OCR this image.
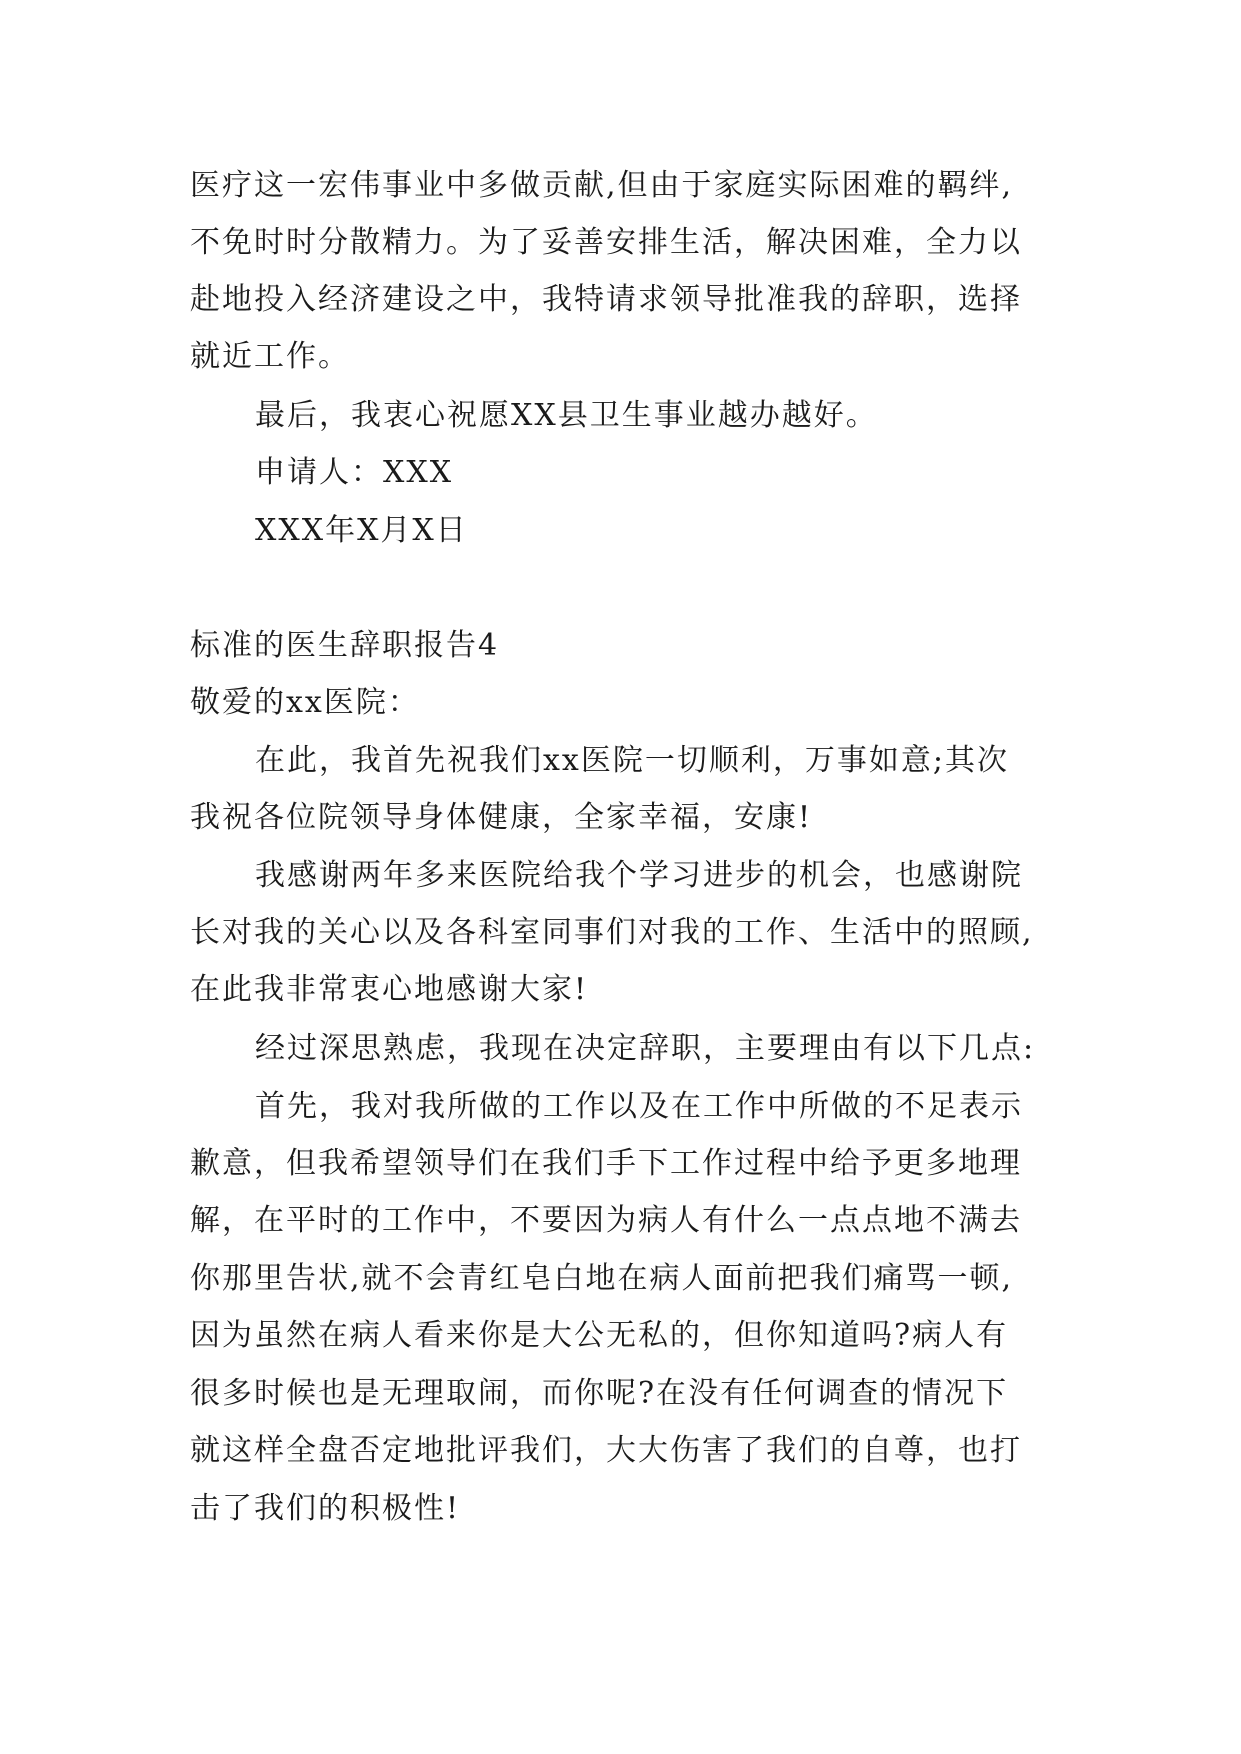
医疗这一宏伟事业中多做贡献,但由于家庭实际困难的羁绊,
不免时时分散精力。为了妥善安排生活，解决困难，全力以
赴地投入经济建设之中，我特请求领导批准我的辞职，选择
就近工作。
最后，我衷心祝愿XX县卫生事业越办越好。
申请人：XXX
XXX年X月X日
标准的医生辞职报告4
敬爱的xx医院：
在此，我首先祝我们xx医院一切顺利，万事如意;其次
我祝各位院领导身体健康，全家幸福，安康!
我感谢两年多来医院给我个学习进步的机会，也感谢院
长对我的关心以及各科室同事们对我的工作、生活中的照顾,
在此我非常衷心地感谢大家!
经过深思熟虑，我现在决定辞职，主要理由有以下几点:
首先，我对我所做的工作以及在工作中所做的不足表示
歉意，但我希望领导们在我们手下工作过程中给予更多地理
解，在平时的工作中，不要因为病人有什么一点点地不满去
你那里告状,就不会青红皂白地在病人面前把我们痛骂一顿,
因为虽然在病人看来你是大公无私的，但你知道吗?病人有
很多时候也是无理取闹，而你呢?在没有任何调查的情况下
就这样全盘否定地批评我们，大大伤害了我们的自尊，也打
击了我们的积极性!
